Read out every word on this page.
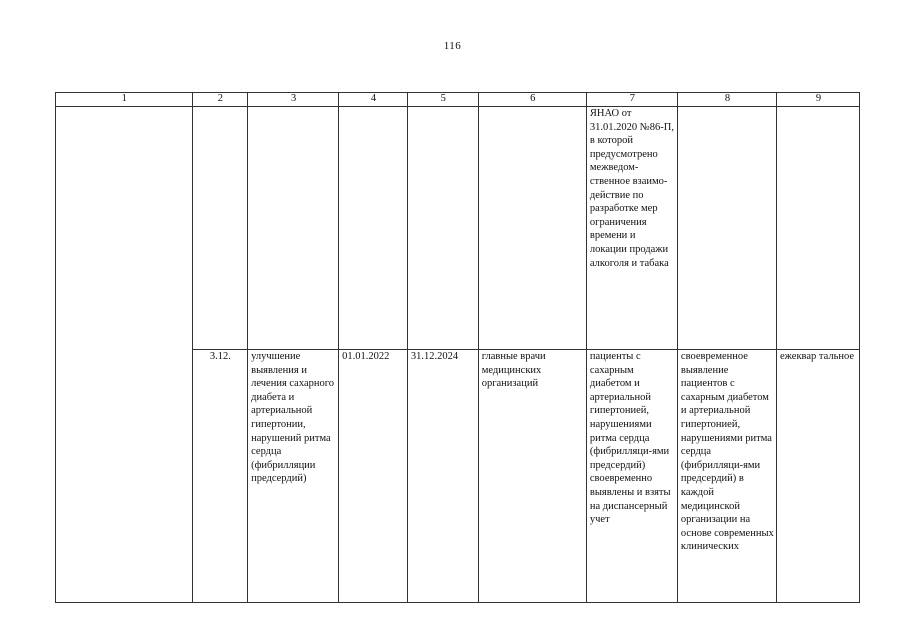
116
1	2	3	4	5	6	7	8	9
						ЯНАО от 31.01.2020 №86-П, в которой предусмотрено межведом-ственное взаимо-действие по разработке мер ограничения времени и локации продажи алкоголя и табака		
	3.12.	улучшение выявления и лечения сахарного диабета и артериальной гипертонии, нарушений ритма сердца (фибрилляции предсердий)	01.01.2022	31.12.2024	главные врачи медицинских организаций	пациенты с сахарным диабетом и артериальной гипертонией, нарушениями ритма сердца (фибрилляци-ями предсердий) своевременно выявлены и взяты на диспансерный учет	своевременное выявление пациентов с сахарным диабетом и артериальной гипертонией, нарушениями ритма сердца (фибрилляци-ями предсердий) в каждой медицинской организации на основе современных клинических	ежеквар тальное
